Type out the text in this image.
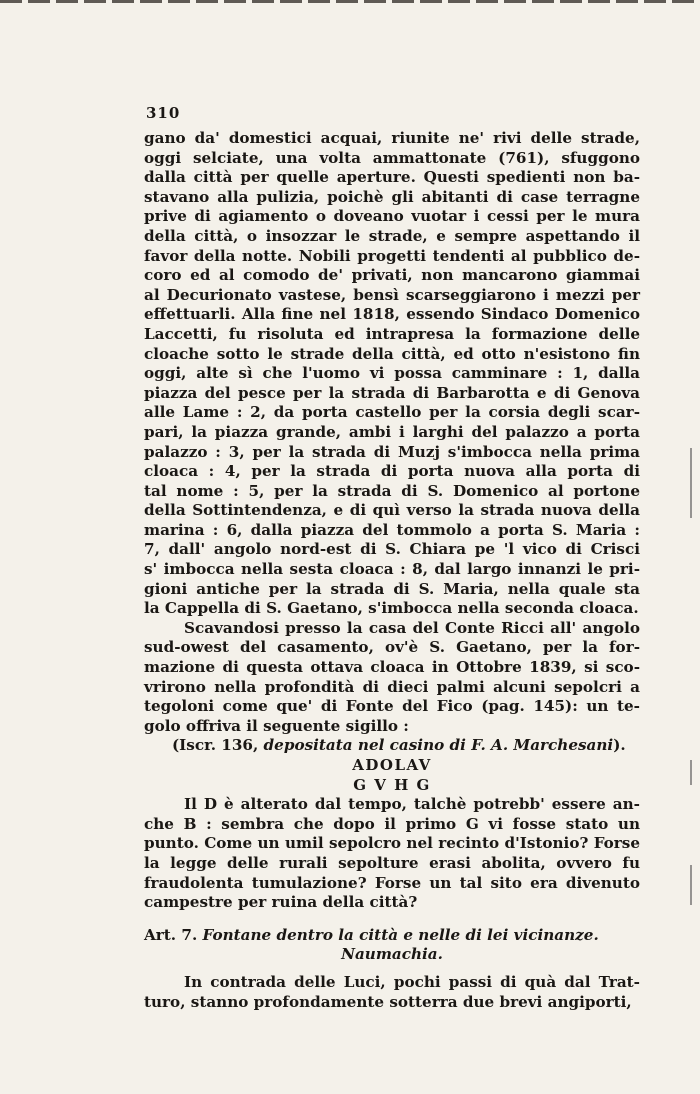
310
gano da' domestici acquai, riunite ne' rivi delle strade,
oggi selciate, una volta ammattonate (761), sfuggono
dalla città per quelle aperture. Questi spedienti non ba-
stavano alla pulizia, poichè gli abitanti di case terragne
prive di agiamento o doveano vuotar i cessi per le mura
della città, o insozzar le strade, e sempre aspettando il
favor della notte. Nobili progetti tendenti al pubblico de-
coro ed al comodo de' privati, non mancarono giammai
al Decurionato vastese, bensì scarseggiarono i mezzi per
effettuarli. Alla fine nel 1818, essendo Sindaco Domenico
Laccetti, fu risoluta ed intrapresa la formazione delle
cloache sotto le strade della città, ed otto n'esistono fin
oggi, alte sì che l'uomo vi possa camminare : 1, dalla
piazza del pesce per la strada di Barbarotta e di Genova
alle Lame : 2, da porta castello per la corsia degli scar-
pari, la piazza grande, ambi i larghi del palazzo a porta
palazzo : 3, per la strada di Muzj s'imbocca nella prima
cloaca : 4, per la strada di porta nuova alla porta di
tal nome : 5, per la strada di S. Domenico al portone
della Sottintendenza, e di quì verso la strada nuova della
marina : 6, dalla piazza del tommolo a porta S. Maria :
7, dall' angolo nord-est di S. Chiara pe 'l vico di Crisci
s' imbocca nella sesta cloaca : 8, dal largo innanzi le pri-
gioni antiche per la strada di S. Maria, nella quale sta
la Cappella di S. Gaetano, s'imbocca nella seconda cloaca.
Scavandosi presso la casa del Conte Ricci all' angolo
sud-owest del casamento, ov'è S. Gaetano, per la for-
mazione di questa ottava cloaca in Ottobre 1839, si sco-
vrirono nella profondità di dieci palmi alcuni sepolcri a
tegoloni come que' di Fonte del Fico (pag. 145): un te-
golo offriva il seguente sigillo :
(Iscr. 136, depositata nel casino di F. A. Marchesani).
ADOLAV
G V H G
Il D è alterato dal tempo, talchè potrebb' essere an-
che B : sembra che dopo il primo G vi fosse stato un
punto. Come un umil sepolcro nel recinto d'Istonio? Forse
la legge delle rurali sepolture erasi abolita, ovvero fu
fraudolenta tumulazione? Forse un tal sito era divenuto
campestre per ruina della città?
Art. 7. Fontane dentro la città e nelle di lei vicinanze.
Naumachia.
In contrada delle Luci, pochi passi di quà dal Trat-
turo, stanno profondamente sotterra due brevi angiporti,
